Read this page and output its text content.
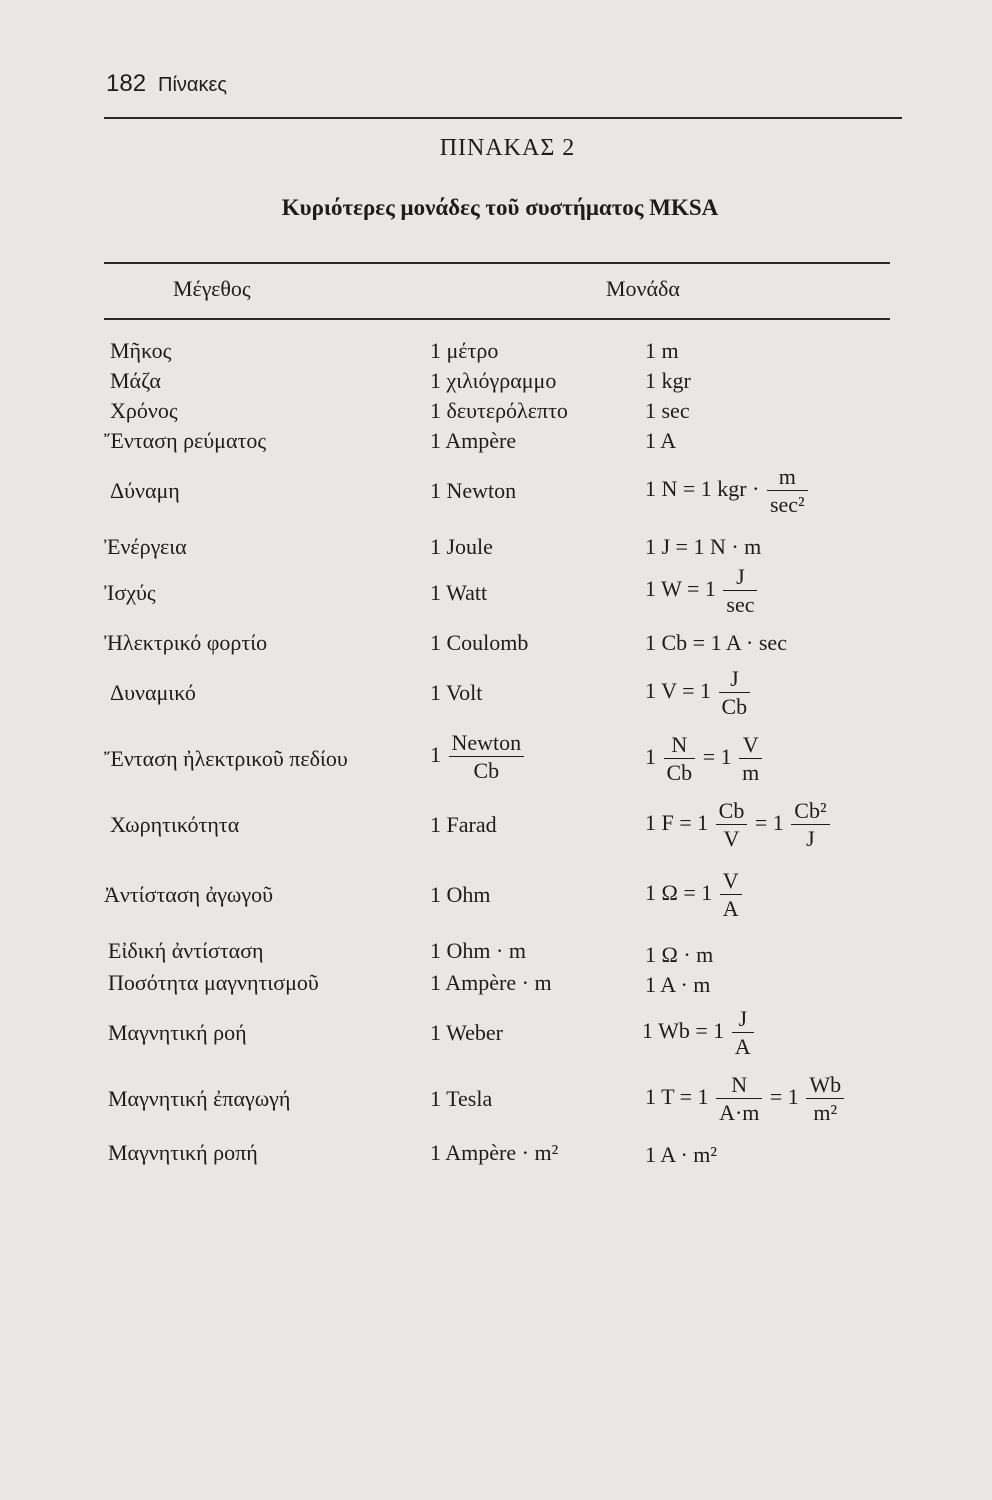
182 Πίνακες
ΠΙΝΑΚΑΣ 2
Κυριότερες μονάδες τοῦ συστήματος MKSA
Μέγεθος	Μονάδα
Μῆκος	1 μέτρο	1 m
Μάζα	1 χιλιόγραμμο	1 kgr
Χρόνος	1 δευτερόλεπτο	1 sec
Ἔνταση ρεύματος	1 Ampère	1 A
Δύναμη	1 Newton	1 N = 1 kgr · $\frac{m}{\text{sec²}}$
Ἐνέργεια	1 Joule	1 J = 1 N · m
Ἰσχύς	1 Watt	1 $W = 1 \frac{J}{\sec}$
Ἠλεκτρικό φορτίο	1 Coulomb	1 Cb = 1 A · sec
Δυναμικό	1 Volt	1 $V = 1 \frac{J}{Cb}$
Ἔνταση ἠλεκτρικοῦ πεδίου	$1 \frac{\text{Newton}}{Cb}$	$1 \frac{N}{Cb} = 1 \frac{V}{m}$
Χωρητικότητα	1 Farad	1 $F = 1 \frac{Cb}{V} = 1 \frac{\text{Cb²}}{J}$
Ἀντίσταση ἀγωγοῦ	1 Ohm	1 $\Omega = 1 \frac{V}{A}$
Εἰδική ἀντίσταση	1 Ohm · m	1 Ω · m
Ποσότητα μαγνητισμοῦ	1 Ampère · m	1 A · m
Μαγνητική ροή	1 Weber	1 $Wb = 1 \frac{J}{A}$
Μαγνητική ἐπαγωγή	1 Tesla	1 $T = 1 \frac{N}{A\cdot m} = 1 \frac{Wb}{\text{m²}}$
Μαγνητική ροπή	1 Ampère · m²	1 A · m²
